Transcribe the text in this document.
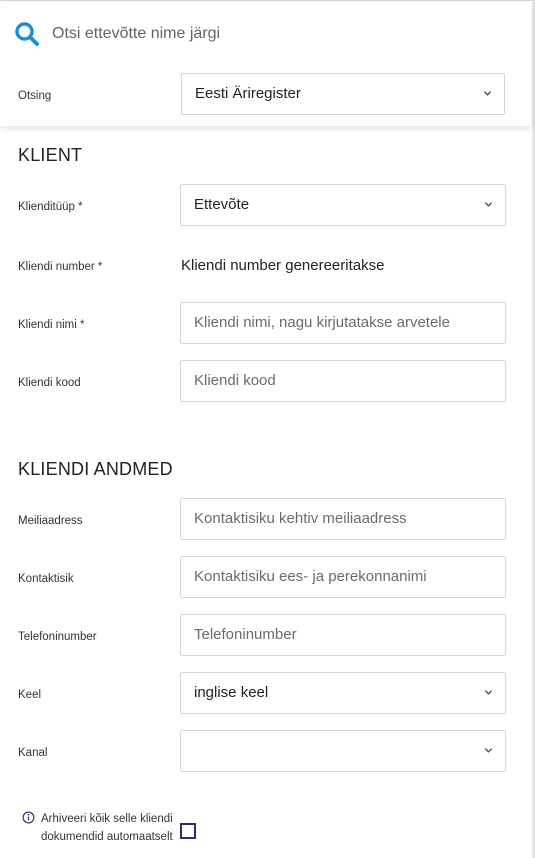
Otsi ettevõtte nime järgi
Otsing	Eesti Äriregister
KLIENT
Klienditüüp *	Ettevõte
Kliendi number *	Kliendi number genereeritakse
Kliendi nimi *	Kliendi nimi, nagu kirjutatakse arvetele
Kliendi kood	Kliendi kood
KLIENDI ANDMED
Meiliaadress	Kontaktisiku kehtiv meiliaadress
Kontaktisik	Kontaktisiku ees- ja perekonnanimi
Telefoninumber	Telefoninumber
Keel	inglise keel
Kanal
Arhiveeri kõik selle kliendi dokumendid automaatselt
